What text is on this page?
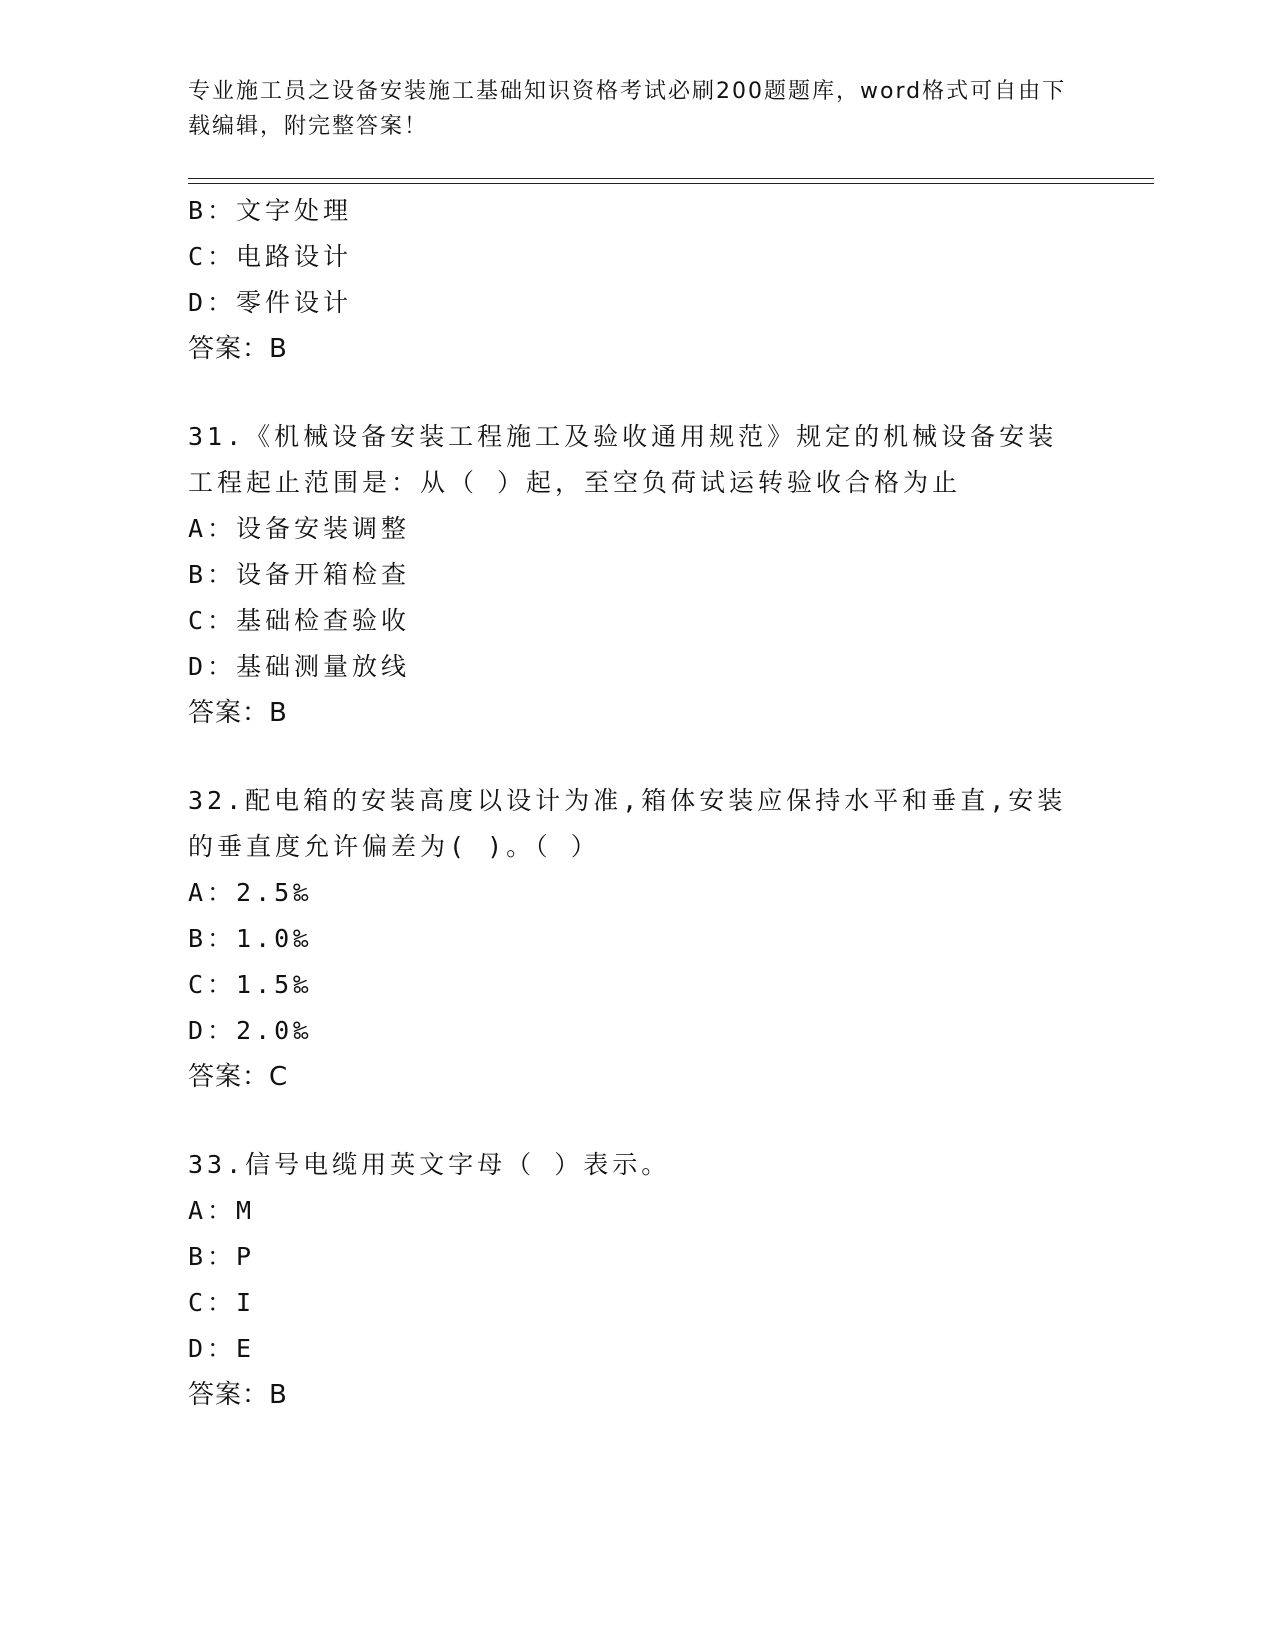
专业施工员之设备安装施工基础知识资格考试必刷200题题库，word格式可自由下载编辑，附完整答案！
B：文字处理
C：电路设计
D：零件设计
答案：B
31.《机械设备安装工程施工及验收通用规范》规定的机械设备安装工程起止范围是：从（ ）起，至空负荷试运转验收合格为止
A：设备安装调整
B：设备开箱检查
C：基础检查验收
D：基础测量放线
答案：B
32.配电箱的安装高度以设计为准,箱体安装应保持水平和垂直,安装的垂直度允许偏差为( )。（ ）
A：2.5‰
B：1.0‰
C：1.5‰
D：2.0‰
答案：C
33.信号电缆用英文字母（ ）表示。
A：M
B：P
C：I
D：E
答案：B
